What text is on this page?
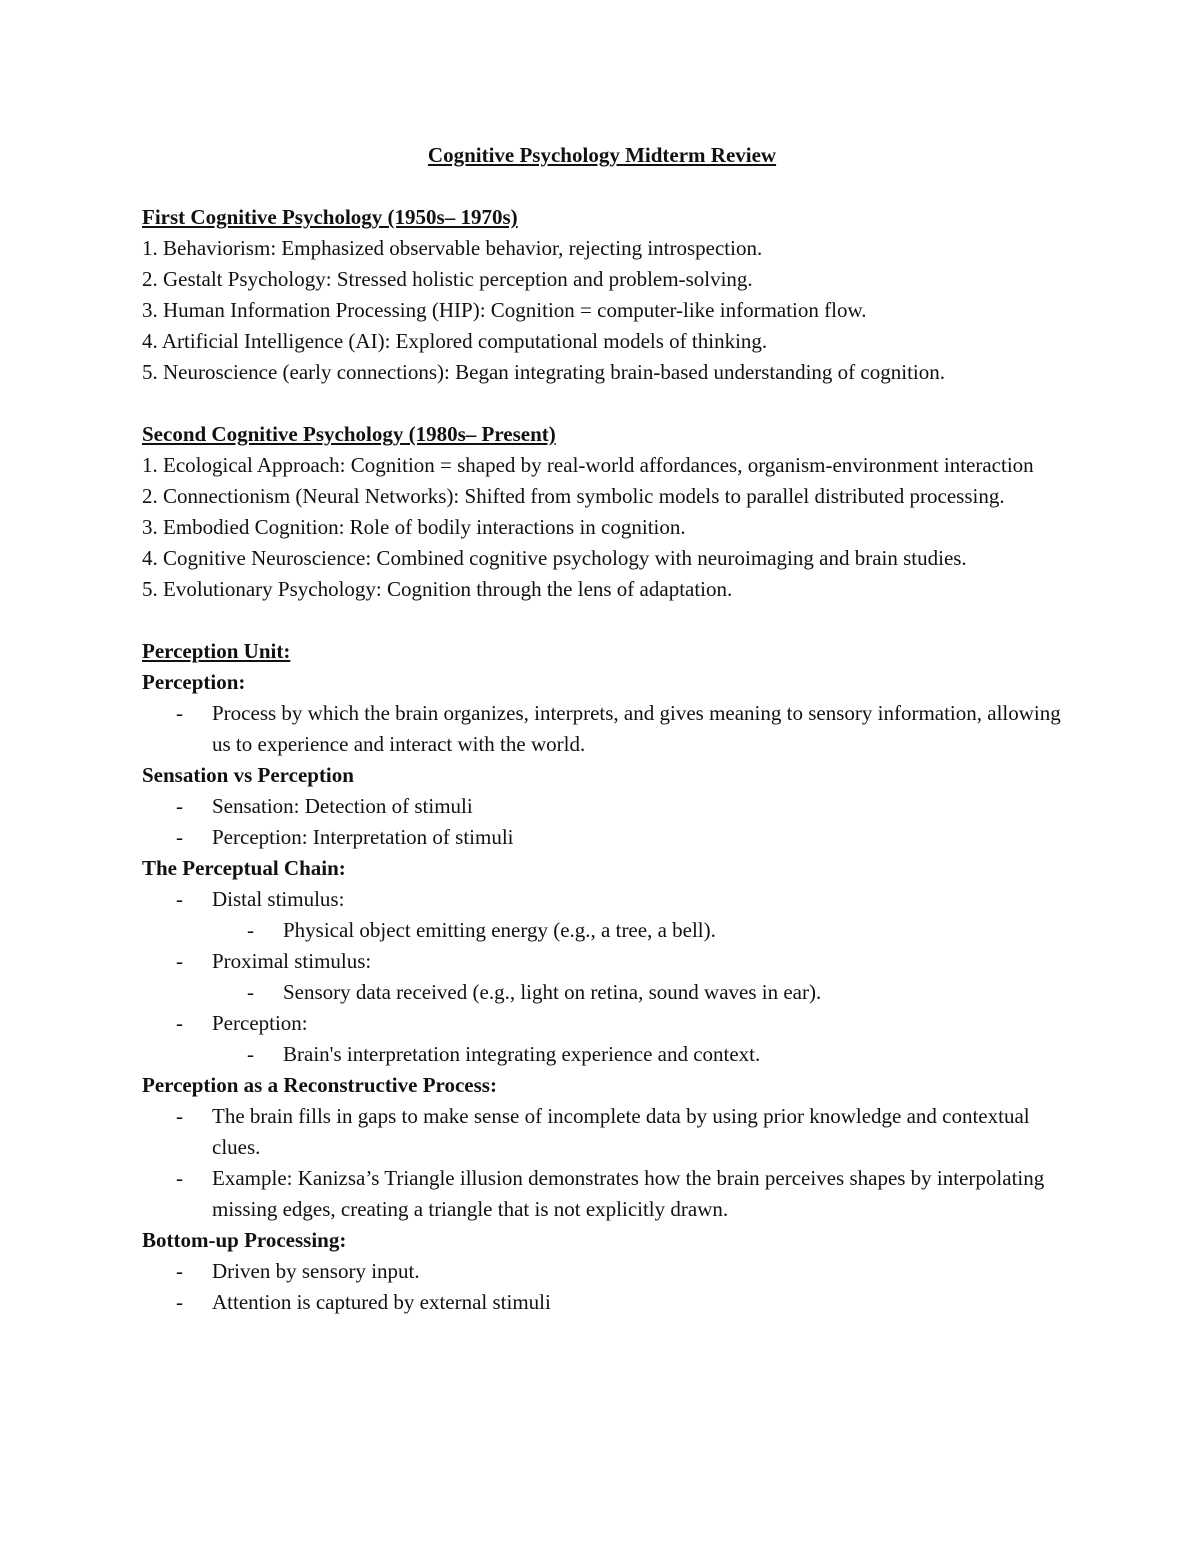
Cognitive Psychology Midterm Review

First Cognitive Psychology (1950s– 1970s)

1. Behaviorism: Emphasized observable behavior, rejecting introspection.

2. Gestalt Psychology: Stressed holistic perception and problem-solving.

3. Human Information Processing (HIP): Cognition = computer-like information flow.

4. Artificial Intelligence (AI): Explored computational models of thinking.

5. Neuroscience (early connections): Began integrating brain-based understanding of cognition.

Second Cognitive Psychology (1980s– Present)

1. Ecological Approach: Cognition = shaped by real-world affordances, organism-environment interaction

2. Connectionism (Neural Networks): Shifted from symbolic models to parallel distributed processing.

3. Embodied Cognition: Role of bodily interactions in cognition.

4. Cognitive Neuroscience: Combined cognitive psychology with neuroimaging and brain studies.

5. Evolutionary Psychology: Cognition through the lens of adaptation.

Perception Unit:

Perception:

- Process by which the brain organizes, interprets, and gives meaning to sensory information, allowing us to experience and interact with the world.

Sensation vs Perception

- Sensation: Detection of stimuli

- Perception: Interpretation of stimuli

The Perceptual Chain:

- Distal stimulus:

- Physical object emitting energy (e.g., a tree, a bell).

- Proximal stimulus:

- Sensory data received (e.g., light on retina, sound waves in ear).

- Perception:

- Brain's interpretation integrating experience and context.

Perception as a Reconstructive Process:

- The brain fills in gaps to make sense of incomplete data by using prior knowledge and contextual clues.

- Example: Kanizsa’s Triangle illusion demonstrates how the brain perceives shapes by interpolating missing edges, creating a triangle that is not explicitly drawn.

Bottom-up Processing:

- Driven by sensory input.

- Attention is captured by external stimuli
